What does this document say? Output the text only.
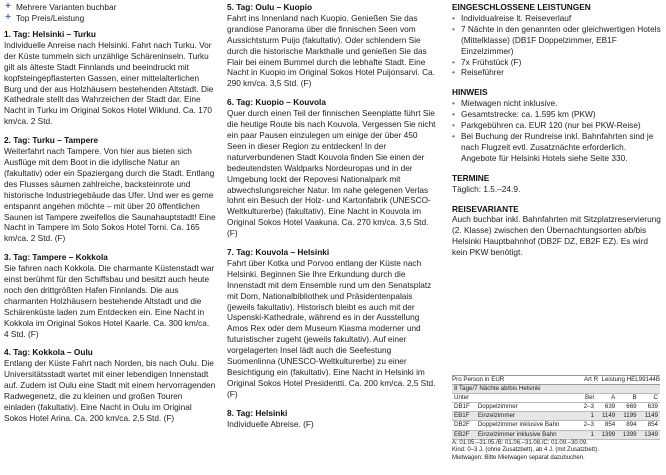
+ Mehrere Varianten buchbar
+ Top Preis/Leistung
1. Tag: Helsinki – Turku

Individuelle Anreise nach Helsinki. Fahrt nach Turku. Vor der Küste tummeln sich unzählige Schäreninseln. Turku gilt als älteste Stadt Finnlands und beeindruckt mit kopfsteingepflasterten Gassen, einer mittelalterlichen Burg und der aus Holzhäusern bestehenden Altstadt. Die Kathedrale stellt das Wahrzeichen der Stadt dar. Eine Nacht in Turku im Original Sokos Hotel Wiklund. Ca. 170 km/ca. 2 Std.

2. Tag: Turku – Tampere

Weiterfahrt nach Tampere. Von hier aus bieten sich Ausflüge mit dem Boot in die idyllische Natur an (fakultativ) oder ein Spaziergang durch die Stadt. Entlang des Flusses säumen zahlreiche, backsteinrote und historische Industriegebäude das Ufer. Und wer es gerne entspannt angehen möchte – mit über 20 öffentlichen Saunen ist Tampere zweifellos die Saunahauptstadt! Eine Nacht in Tampere im Solo Sokos Hotel Torni. Ca. 165 km/ca. 2 Std. (F)

3. Tag: Tampere – Kokkola

Sie fahren nach Kokkola. Die charmante Küstenstadt war einst berühmt für den Schiffsbau und besitzt auch heute noch den drittgrößten Hafen Finnlands. Die aus charmanten Holzhäusern bestehende Altstadt und die Schärenküste laden zum Entdecken ein. Eine Nacht in Kokkola im Original Sokos Hotel Kaarle. Ca. 300 km/ca. 4 Std. (F)

4. Tag: Kokkola – Oulu

Entlang der Küste Fahrt nach Norden, bis nach Oulu. Die Universitätsstadt wartet mit einer lebendigen Innenstadt auf. Zudem ist Oulu eine Stadt mit einem hervorragenden Radwegenetz, die zu kleinen und großen Touren einladen (fakultativ). Eine Nacht in Oulu im Original Sokos Hotel Arina. Ca. 200 km/ca. 2,5 Std. (F)

5. Tag: Oulu – Kuopio

Fahrt ins Innenland nach Kuopio. Genießen Sie das grandiose Panorama über die finnischen Seen vom Aussichtsturm Puijo (fakultativ). Oder schlendern Sie durch die historische Markthalle und genießen Sie das Flair bei einem Bummel durch die lebhafte Stadt. Eine Nacht in Kuopio im Original Sokos Hotel Puijonsarvi. Ca. 290 km/ca. 3,5 Std. (F)

6. Tag: Kuopio – Kouvola

Quer durch einen Teil der finnischen Seenplatte führt Sie die heutige Route bis nach Kouvola. Vergessen Sie nicht ein paar Pausen einzulegen um einige der über 450 Seen in dieser Region zu entdecken! In der naturverbundenen Stadt Kouvola finden Sie einen der bedeutendsten Waldparks Nordeuropas und in der Umgebung lockt der Repovesi Nationalpark mit abwechslungsreicher Natur. Im nahe gelegenen Verlas lohnt ein Besuch der Holz- und Kartonfabrik (UNESCO-Weltkulturerbe) (fakultativ). Eine Nacht in Kouvola im Original Sokos Hotel Vaakuna. Ca. 270 km/ca. 3,5 Std. (F)

7. Tag: Kouvola – Helsinki

Fahrt über Kotka und Porvoo entlang der Küste nach Helsinki. Beginnen Sie Ihre Erkundung durch die Innenstadt mit dem Ensemble rund um den Senatsplatz mit Dom, Nationalbibliothek und Präsidentenpalais (jeweils fakultativ). Historisch bleibt es auch mit der Uspenski-Kathedrale, während es in der Ausstellung Amos Rex oder dem Museum Kiasma moderner und futuristischer zugeht (jeweils fakultativ). Auf einer vorgelagerten Insel lädt auch die Seefestung Suomenlinna (UNESCO-Weltkulturerbe) zu einer Besichtigung ein (fakultativ). Eine Nacht in Helsinki im Original Sokos Hotel Presidentti. Ca. 200 km/ca. 2,5 Std. (F)

8. Tag: Helsinki

Individuelle Abreise. (F)

EINGESCHLOSSENE LEISTUNGEN
• Individualreise lt. Reiseverlauf
• 7 Nächte in den genannten oder gleichwertigen Hotels (Mittelklasse) (DB1F Doppelzimmer, EB1F Einzelzimmer)
• 7x Frühstück (F)
• Reiseführer
HINWEIS
• Mietwagen nicht inklusive.
• Gesamtstrecke: ca. 1.595 km (PKW)
• Parkgebühren ca. EUR 120 (nur bei PKW-Reise)
• Bei Buchung der Rundreise inkl. Bahnfahrten sind je nach Flugzeit evtl. Zusatznächte erforderlich. Angebote für Helsinki Hotels siehe Seite 330.
TERMINE

Täglich: 1.5.–24.9.

REISEVARIANTE

Auch buchbar inkl. Bahnfahrten mit Sitzplatzreservierung (2. Klasse) zwischen den Übernachtungsorten ab/bis Helsinki Hauptbahnhof (DB2F DZ, EB2F EZ). Es wird kein PKW benötigt.

Pro Person in EUR	Art R Leistung HEL99144B
8 Tage/7 Nächte ab/bis Helsinki					
Unter		Bel	A	B	C
DB1F	Doppelzimmer	2–3	639	669	639
EB1F	Einzelzimmer	1	1149	1199	1149
DB2F	Doppelzimmer inklusive Bahn	2–3	854	894	854
EB2F	Einzelzimmer inklusive Bahn	1	1399	1399	1349
A: 01.05.–31.05./B: 01.06.–31.08./C: 01.09.–30.09.
Kind: 0–3 J. (ohne Zusatzbett), ab 4 J. (mit Zusatzbett).
Mietwagen: Bitte Mietwagen separat dazubuchen.
